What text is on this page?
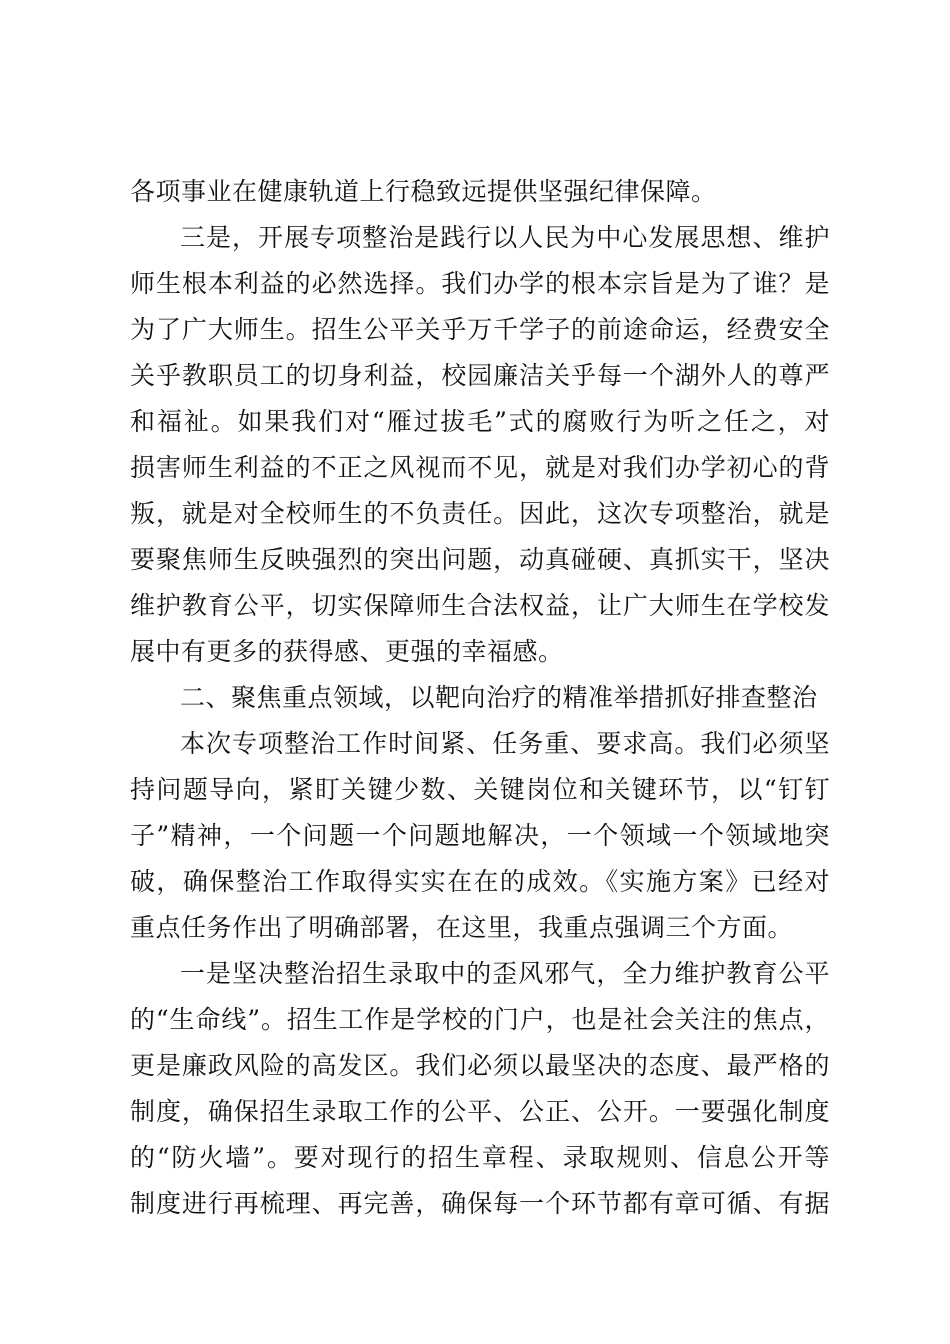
各项事业在健康轨道上行稳致远提供坚强纪律保障。
三是，开展专项整治是践行以人民为中心发展思想、维护
师生根本利益的必然选择。我们办学的根本宗旨是为了谁？是
为了广大师生。招生公平关乎万千学子的前途命运，经费安全
关乎教职员工的切身利益，校园廉洁关乎每一个湖外人的尊严
和福祉。如果我们对“雁过拔毛”式的腐败行为听之任之，对
损害师生利益的不正之风视而不见，就是对我们办学初心的背
叛，就是对全校师生的不负责任。因此，这次专项整治，就是
要聚焦师生反映强烈的突出问题，动真碰硬、真抓实干，坚决
维护教育公平，切实保障师生合法权益，让广大师生在学校发
展中有更多的获得感、更强的幸福感。
二、聚焦重点领域，以靶向治疗的精准举措抓好排查整治
本次专项整治工作时间紧、任务重、要求高。我们必须坚
持问题导向，紧盯关键少数、关键岗位和关键环节，以“钉钉
子”精神，一个问题一个问题地解决，一个领域一个领域地突
破，确保整治工作取得实实在在的成效。《实施方案》已经对
重点任务作出了明确部署，在这里，我重点强调三个方面。
一是坚决整治招生录取中的歪风邪气，全力维护教育公平
的“生命线”。招生工作是学校的门户，也是社会关注的焦点，
更是廉政风险的高发区。我们必须以最坚决的态度、最严格的
制度，确保招生录取工作的公平、公正、公开。一要强化制度
的“防火墙”。要对现行的招生章程、录取规则、信息公开等
制度进行再梳理、再完善，确保每一个环节都有章可循、有据
